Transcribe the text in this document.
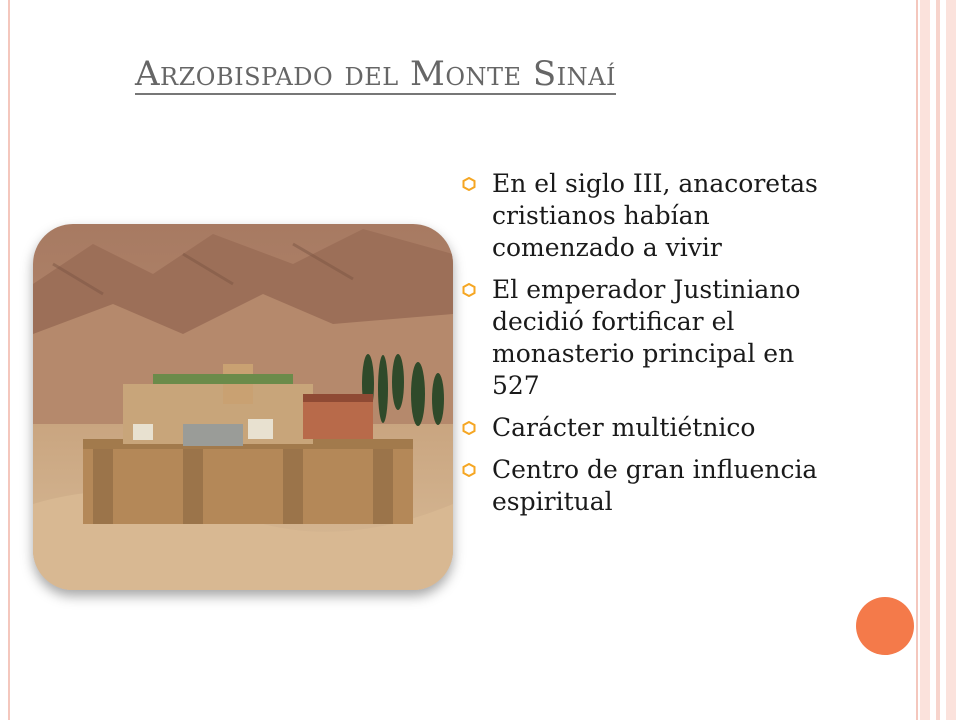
Arzobispado del Monte Sinaí
En el siglo III, anacoretas cristianos habían comenzado a vivir
El emperador Justiniano decidió fortificar el monasterio principal en 527
Carácter multiétnico
Centro de gran influencia espiritual
